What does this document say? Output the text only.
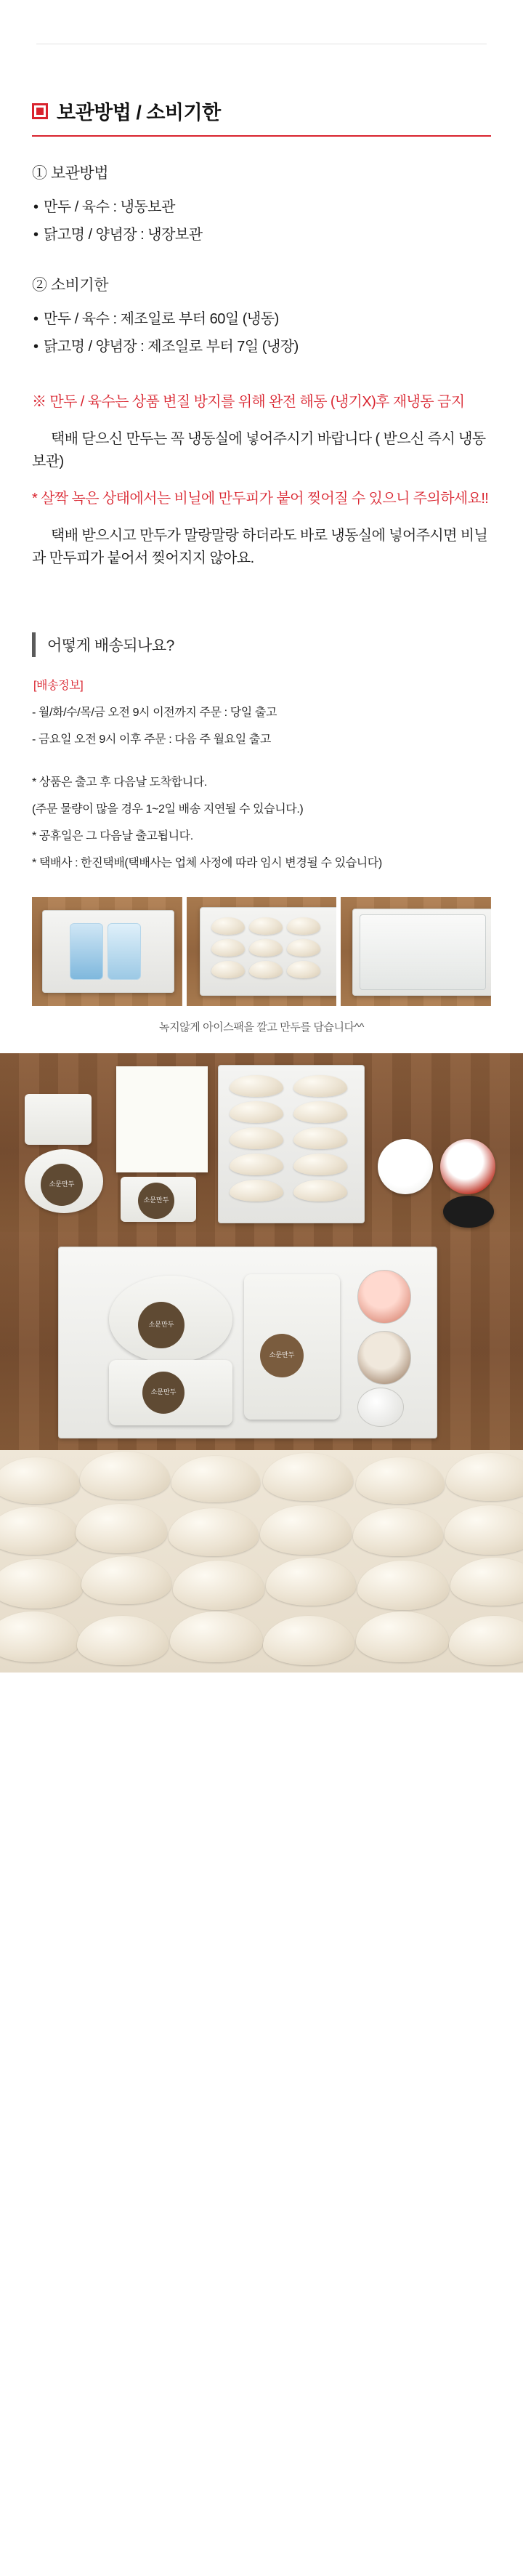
보관방법 / 소비기한
① 보관방법
• 만두 / 육수 : 냉동보관
• 닭고명 / 양념장 : 냉장보관
② 소비기한
• 만두 / 육수 : 제조일로 부터 60일 (냉동)
• 닭고명 / 양념장 : 제조일로 부터 7일 (냉장)

※ 만두 / 육수는 상품 변질 방지를 위해 완전 해동 (냉기X)후 재냉동 금지

택배 닫으신 만두는 꼭 냉동실에 넣어주시기 바랍니다 ( 받으신 즉시 냉동보관)

* 살짝 녹은 상태에서는 비닐에 만두피가 붙어 찢어질 수 있으니 주의하세요!!

택배 받으시고 만두가 말랑말랑 하더라도 바로 냉동실에 넣어주시면 비닐과 만두피가 붙어서 찢어지지 않아요.

어떻게 배송되나요?
[배송정보]

- 월/화/수/목/금 오전 9시 이전까지 주문 : 당일 출고

- 금요일 오전 9시 이후 주문 : 다음 주 월요일 출고

* 상품은 출고 후 다음날 도착합니다.

(주문 물량이 많을 경우 1~2일 배송 지연될 수 있습니다.)

* 공휴일은 그 다음날 출고됩니다.

* 택배사 : 한진택배(택배사는 업체 사정에 따라 임시 변경될 수 있습니다)

녹지않게 아이스팩을 깔고 만두를 담습니다^^
소문만두
소문만두
소문만두
소문만두
소문만두
